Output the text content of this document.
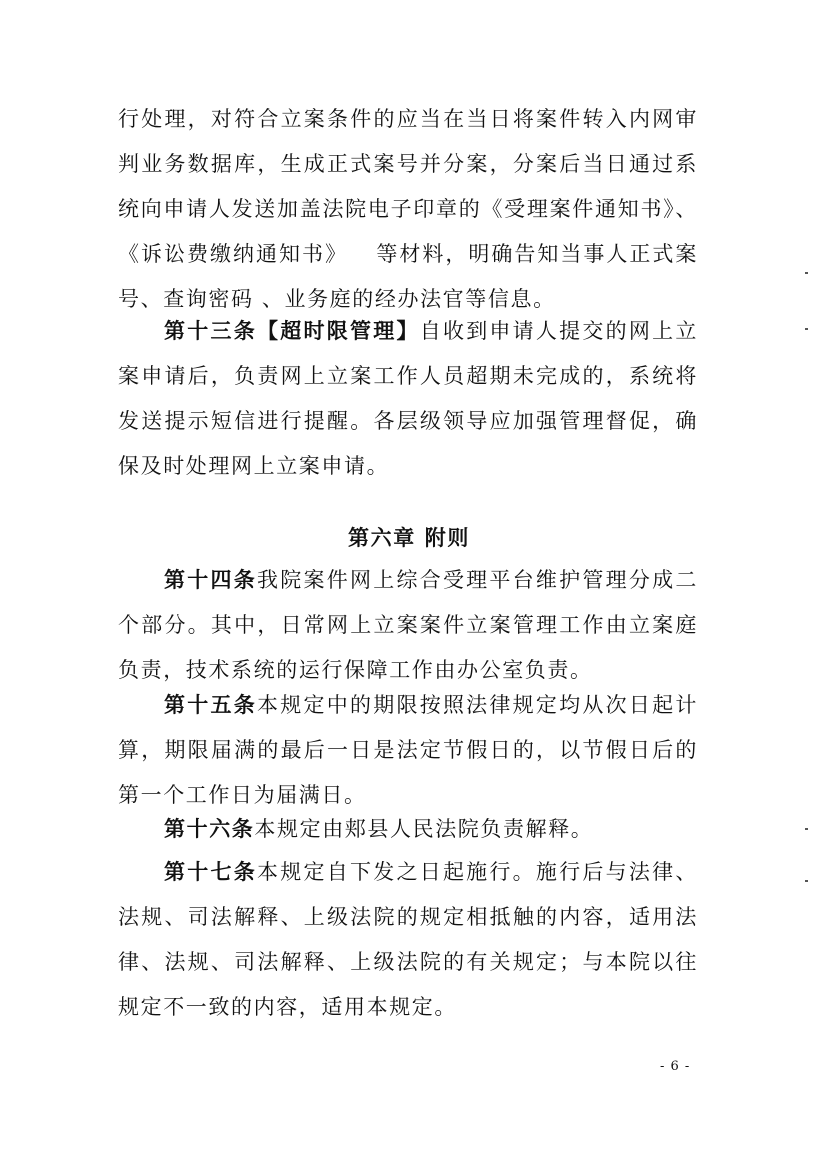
行处理，对符合立案条件的应当在当日将案件转入内网审判业务数据库，生成正式案号并分案，分案后当日通过系统向申请人发送加盖法院电子印章的《受理案件通知书》、《诉讼费缴纳通知书》 等材料，明确告知当事人正式案号、查询密码 、业务庭的经办法官等信息。

第十三条【超时限管理】自收到申请人提交的网上立案申请后，负责网上立案工作人员超期未完成的，系统将发送提示短信进行提醒。各层级领导应加强管理督促，确保及时处理网上立案申请。

第六章 附则

第十四条我院案件网上综合受理平台维护管理分成二个部分。其中，日常网上立案案件立案管理工作由立案庭负责，技术系统的运行保障工作由办公室负责。

第十五条本规定中的期限按照法律规定均从次日起计算，期限届满的最后一日是法定节假日的，以节假日后的第一个工作日为届满日。

第十六条本规定由郏县人民法院负责解释。

第十七条本规定自下发之日起施行。施行后与法律、法规、司法解释、上级法院的规定相抵触的内容，适用法律、法规、司法解释、上级法院的有关规定；与本院以往规定不一致的内容，适用本规定。

- 6 -
